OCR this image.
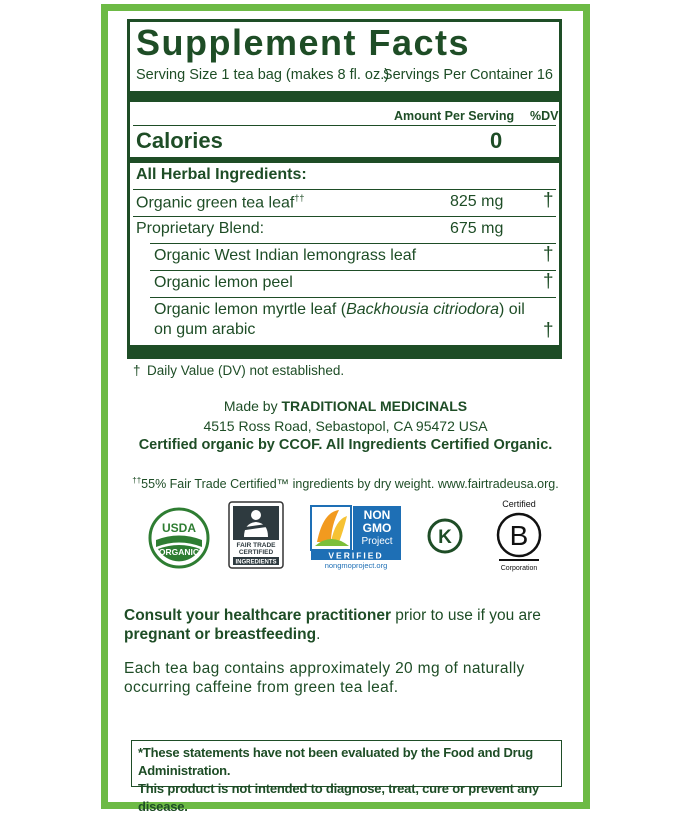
Supplement Facts
Serving Size 1 tea bag (makes 8 fl. oz.)
Servings Per Container 16
Amount Per Serving %DV
Calories	0
All Herbal Ingredients:
Organic green tea leaf††	825 mg †
Proprietary Blend:	675 mg
Organic West Indian lemongrass leaf	†
Organic lemon peel	†
Organic lemon myrtle leaf (Backhousia citriodora) oil
on gum arabic	†
† Daily Value (DV) not established.
Made by TRADITIONAL MEDICINALS
4515 Ross Road, Sebastopol, CA 95472 USA
Certified organic by CCOF. All Ingredients Certified Organic.
††55% Fair Trade Certified™ ingredients by dry weight. www.fairtradeusa.org.
USDA
ORGANIC
FAIR TRADE
CERTIFIED
INGREDIENTS
NON
GMO
Project
VERIFIED
nongmoproject.org
K
Certified
B
Corporation
Consult your healthcare practitioner prior to use if you are
pregnant or breastfeeding.
Each tea bag contains approximately 20 mg of naturally
occurring caffeine from green tea leaf.
*These statements have not been evaluated by the Food and Drug Administration.
This product is not intended to diagnose, treat, cure or prevent any disease.
